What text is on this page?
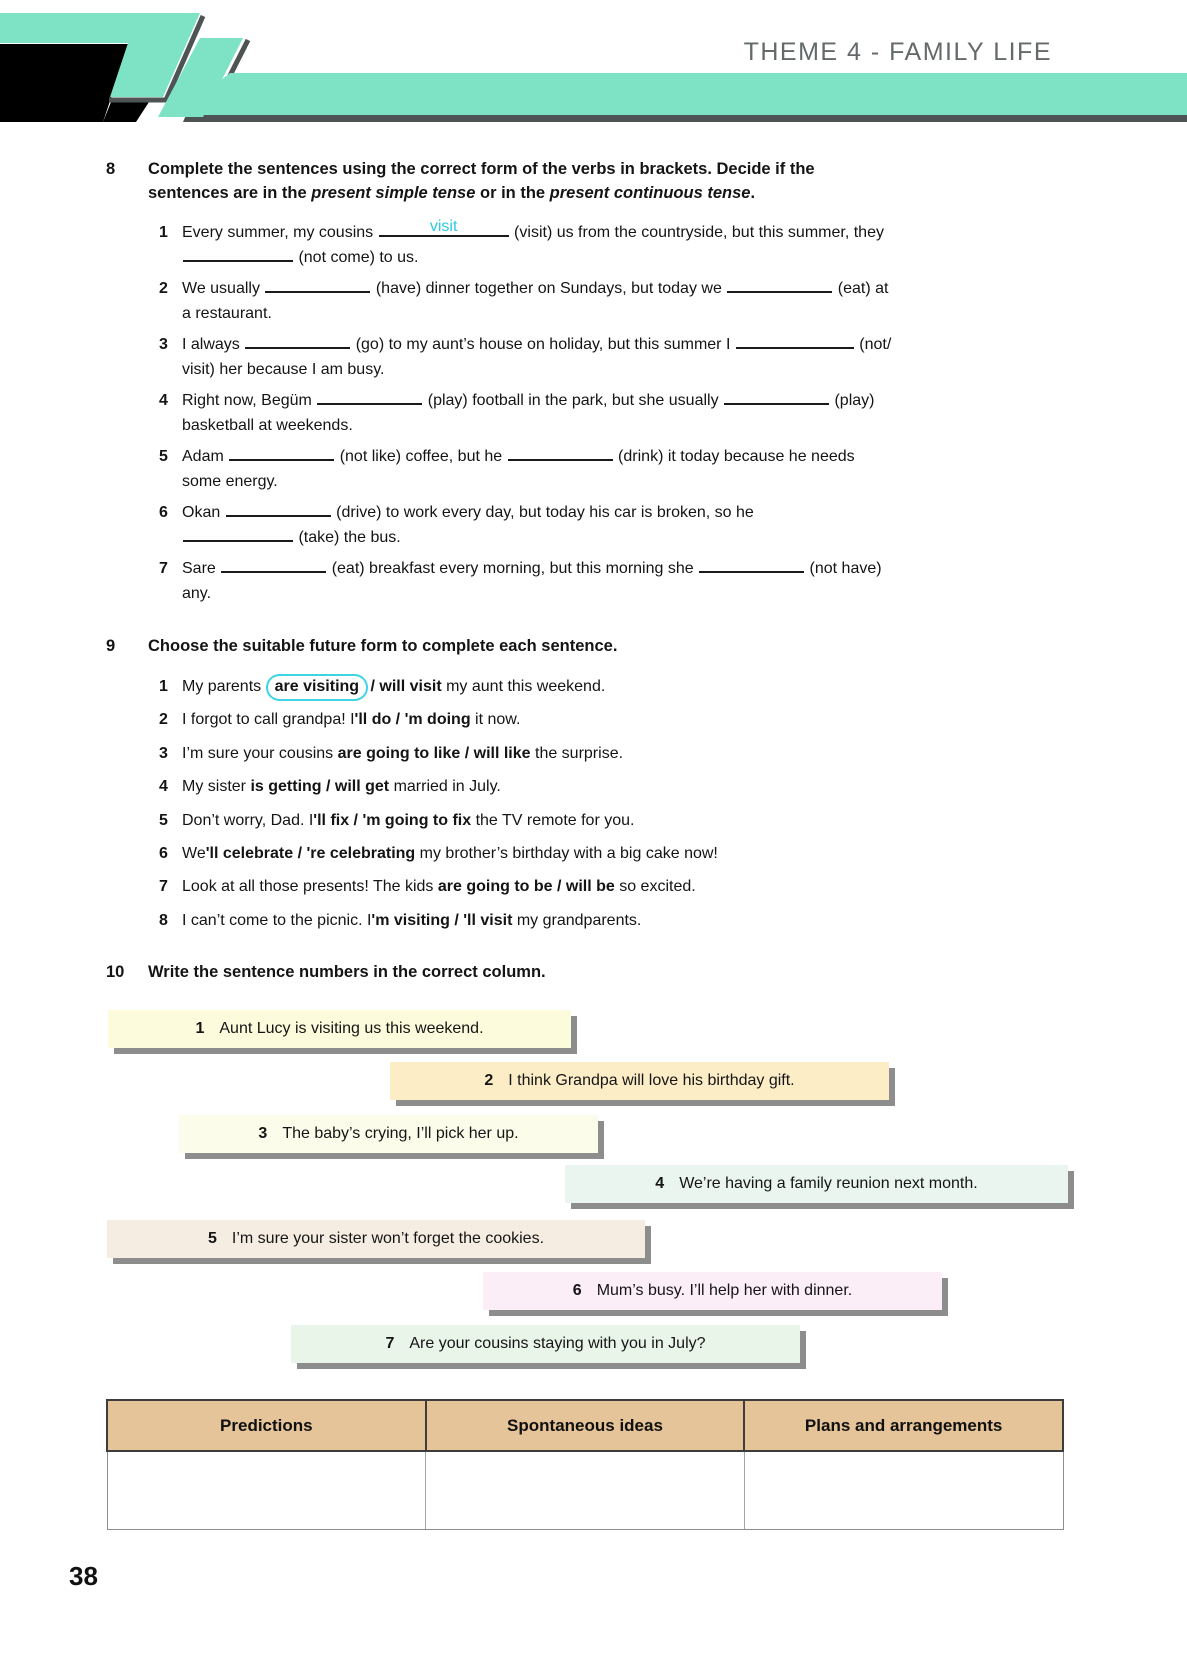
THEME 4 - FAMILY LIFE
8	Complete the sentences using the correct form of the verbs in brackets. Decide if the
sentences are in the present simple tense or in the present continuous tense.
1 Every summer, my cousins	visit	(visit) us from the countryside, but this summer, they
(not come) to us.
2 We usually	(have) dinner together on Sundays, but today we	(eat) at
a restaurant.
3 I always	(go) to my aunt’s house on holiday, but this summer I	(not/
visit) her because I am busy.
4 Right now, Begüm	(play) football in the park, but she usually	(play)
basketball at weekends.
5 Adam	(not like) coffee, but he	(drink) it today because he needs
some energy.
6 Okan	(drive) to work every day, but today his car is broken, so he
(take) the bus.
7 Sare	(eat) breakfast every morning, but this morning she	(not have)
any.
9	Choose the suitable future form to complete each sentence.
1 My parents are visiting / will visit my aunt this weekend.
2 I forgot to call grandpa! I'll do / 'm doing it now.
3 I’m sure your cousins are going to like / will like the surprise.
4 My sister is getting / will get married in July.
5 Don’t worry, Dad. I'll fix / 'm going to fix the TV remote for you.
6 We'll celebrate / 're celebrating my brother’s birthday with a big cake now!
7 Look at all those presents! The kids are going to be / will be so excited.
8 I can’t come to the picnic. I'm visiting / 'll visit my grandparents.
10	Write the sentence numbers in the correct column.
1 Aunt Lucy is visiting us this weekend.
2 I think Grandpa will love his birthday gift.
3 The baby’s crying, I’ll pick her up.
4 We’re having a family reunion next month.
5 I’m sure your sister won’t forget the cookies.
6 Mum’s busy. I’ll help her with dinner.
7 Are your cousins staying with you in July?
Predictions	Spontaneous ideas	Plans and arrangements

38
